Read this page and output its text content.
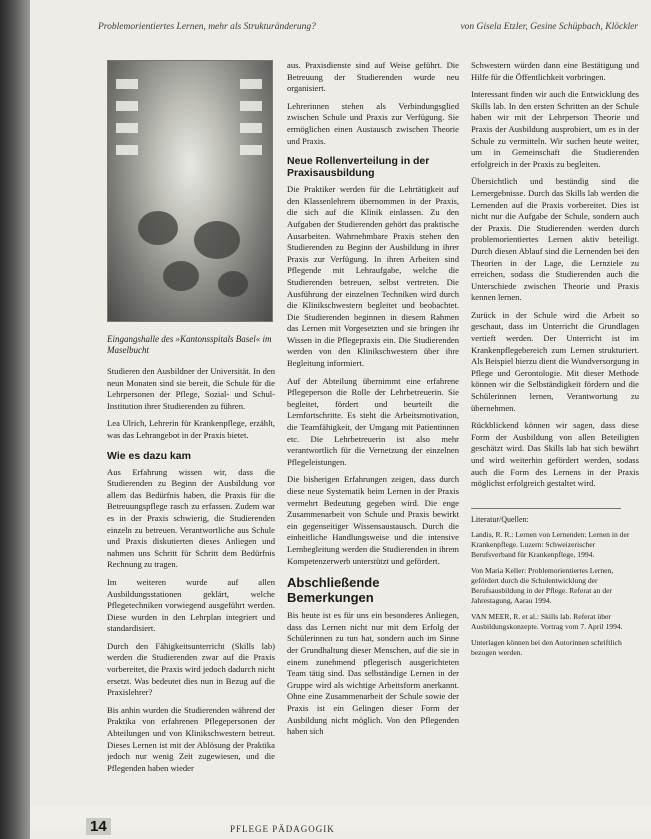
Problemorientiertes Lernen, mehr als Strukturänderung?	von Gisela Etzler, Gesine Schüpbach, Klöckler
Eingangshalle des »Kantonsspitals Basel« im Maselbucht

Studieren den Ausbildner der Universität. In den neun Monaten sind sie bereit, die Schule für die Lehrpersonen der Pflege, Sozial- und Schul-Institution ihrer Studierenden zu führen.

Lea Ulrich, Lehrerin für Krankenpflege, erzählt, was das Lehrangebot in der Praxis bietet.

Wie es dazu kam

Aus Erfahrung wissen wir, dass die Studierenden zu Beginn der Ausbildung vor allem das Bedürfnis haben, die Praxis für die Betreuungspflege rasch zu erfassen. Zudem war es in der Praxis schwierig, die Studierenden einzeln zu betreuen. Verantwortliche aus Schule und Praxis diskutierten dieses Anliegen und nahmen uns Schritt für Schritt dem Bedürfnis Rechnung zu tragen.

Im weiteren wurde auf allen Ausbildungsstationen geklärt, welche Pflegetechniken vorwiegend ausgeführt werden. Diese wurden in den Lehrplan integriert und standardisiert.

Durch den Fähigkeitsunterricht (Skills lab) werden die Studierenden zwar auf die Praxis vorbereitet, die Praxis wird jedoch dadurch nicht ersetzt. Was bedeutet dies nun in Bezug auf die Praxislehrer?

Bis anhin wurden die Studierenden während der Praktika von erfahrenen Pflegepersonen der Abteilungen und von Klinikschwestern betreut. Dieses Lernen ist mit der Ablösung der Praktika jedoch nur wenig Zeit zugewiesen, und die Pflegenden haben wieder

aus. Praxisdienste sind auf Weise geführt. Die Betreuung der Studierenden wurde neu organisiert.

Lehrerinnen stehen als Verbindungsglied zwischen Schule und Praxis zur Verfügung. Sie ermöglichen einen Austausch zwischen Theorie und Praxis.

Neue Rollenverteilung in der Praxisausbildung

Die Praktiker werden für die Lehrtätigkeit auf den Klassenlehrern übernommen in der Praxis, die sich auf die Klinik einlassen. Zu den Aufgaben der Studierenden gehört das praktische Ausarbeiten. Wahrnehmbare Praxis stehen den Studierenden zu Beginn der Ausbildung in ihrer Praxis zur Verfügung. In ihren Arbeiten sind Pflegende mit Lehraufgabe, welche die Studierenden betreuen, selbst vertreten. Die Ausführung der einzelnen Techniken wird durch die Klinikschwestern begleitet und beobachtet. Die Studierenden beginnen in diesem Rahmen das Lernen mit Vorgesetzten und sie bringen ihr Wissen in die Pflegepraxis ein. Die Studierenden werden von den Klinikschwestern über ihre Begleitung informiert.

Auf der Abteilung übernimmt eine erfahrene Pflegeperson die Rolle der Lehrbetreuerin. Sie begleitet, fördert und beurteilt die Lernfortschritte. Es steht die Arbeitsmotivation, die Teamfähigkeit, der Umgang mit Patientinnen etc. Die Lehrbetreuerin ist also mehr verantwortlich für die Vernetzung der einzelnen Pflegeleistungen.

Die bisherigen Erfahrungen zeigen, dass durch diese neue Systematik beim Lernen in der Praxis vermehrt Bedeutung gegeben wird. Die enge Zusammenarbeit von Schule und Praxis bewirkt ein gegenseitiger Wissensaustausch. Durch die einheitliche Handlungsweise und die intensive Lernbegleitung werden die Studierenden in ihrem Kompetenzerwerb unterstützt und gefördert.

Abschließende Bemerkungen

Bis heute ist es für uns ein besonderes Anliegen, dass das Lernen nicht nur mit dem Erfolg der Schülerinnen zu tun hat, sondern auch im Sinne der Grundhaltung dieser Menschen, auf die sie in einem zunehmend pflegerisch ausgerichteten Team tätig sind. Das selbständige Lernen in der Gruppe wird als wichtige Arbeitsform anerkannt. Ohne eine Zusammenarbeit der Schule sowie der Praxis ist ein Gelingen dieser Form der Ausbildung nicht möglich. Von den Pflegenden haben sich

Schwestern würden dann eine Bestätigung und Hilfe für die Öffentlichkeit vorbringen.

Interessant finden wir auch die Entwicklung des Skills lab. In den ersten Schritten an der Schule haben wir mit der Lehrperson Theorie und Praxis der Ausbildung ausprobiert, um es in der Schule zu vermitteln. Wir suchen heute weiter, um in Gemeinschaft die Studierenden erfolgreich in der Praxis zu begleiten.

Übersichtlich und beständig sind die Lernergebnisse. Durch das Skills lab werden die Lernenden auf die Praxis vorbereitet. Dies ist nicht nur die Aufgabe der Schule, sondern auch der Praxis. Die Studierenden werden durch problemorientiertes Lernen aktiv beteiligt. Durch diesen Ablauf sind die Lernenden bei den Theorien in der Lage, die Lernziele zu erreichen, sodass die Studierenden auch die Unterschiede zwischen Theorie und Praxis kennen lernen.

Zurück in der Schule wird die Arbeit so geschaut, dass im Unterricht die Grundlagen vertieft werden. Der Unterricht ist im Krankenpflegebereich zum Lernen strukturiert. Als Beispiel hierzu dient die Wundversorgung in Pflege und Gerontologie. Mit dieser Methode können wir die Selbständigkeit fördern und die Schülerinnen lernen, Verantwortung zu übernehmen.

Rückblickend können wir sagen, dass diese Form der Ausbildung von allen Beteiligten geschätzt wird. Das Skills lab hat sich bewährt und wird weiterhin gefördert werden, sodass auch die Form des Lernens in der Praxis möglichst erfolgreich gestaltet wird.

Literatur/Quellen:

Landis, R. R.: Lernen von Lernenden: Lernen in der Krankenpflege. Luzern: Schweizerischer Berufsverband für Krankenpflege, 1994.

Von Maria Keller: Problemorientiertes Lernen, gefördert durch die Schulentwicklung der Berufsausbildung in der Pflege. Referat an der Jahrestagung, Aarau 1994.

VAN MEER, R. et al.: Skills lab. Referat über Ausbildungskonzepte. Vortrag vom 7. April 1994.

Unterlagen können bei den Autorinnen schriftlich bezogen werden.

14	PFLEGE PÄDAGOGIK
